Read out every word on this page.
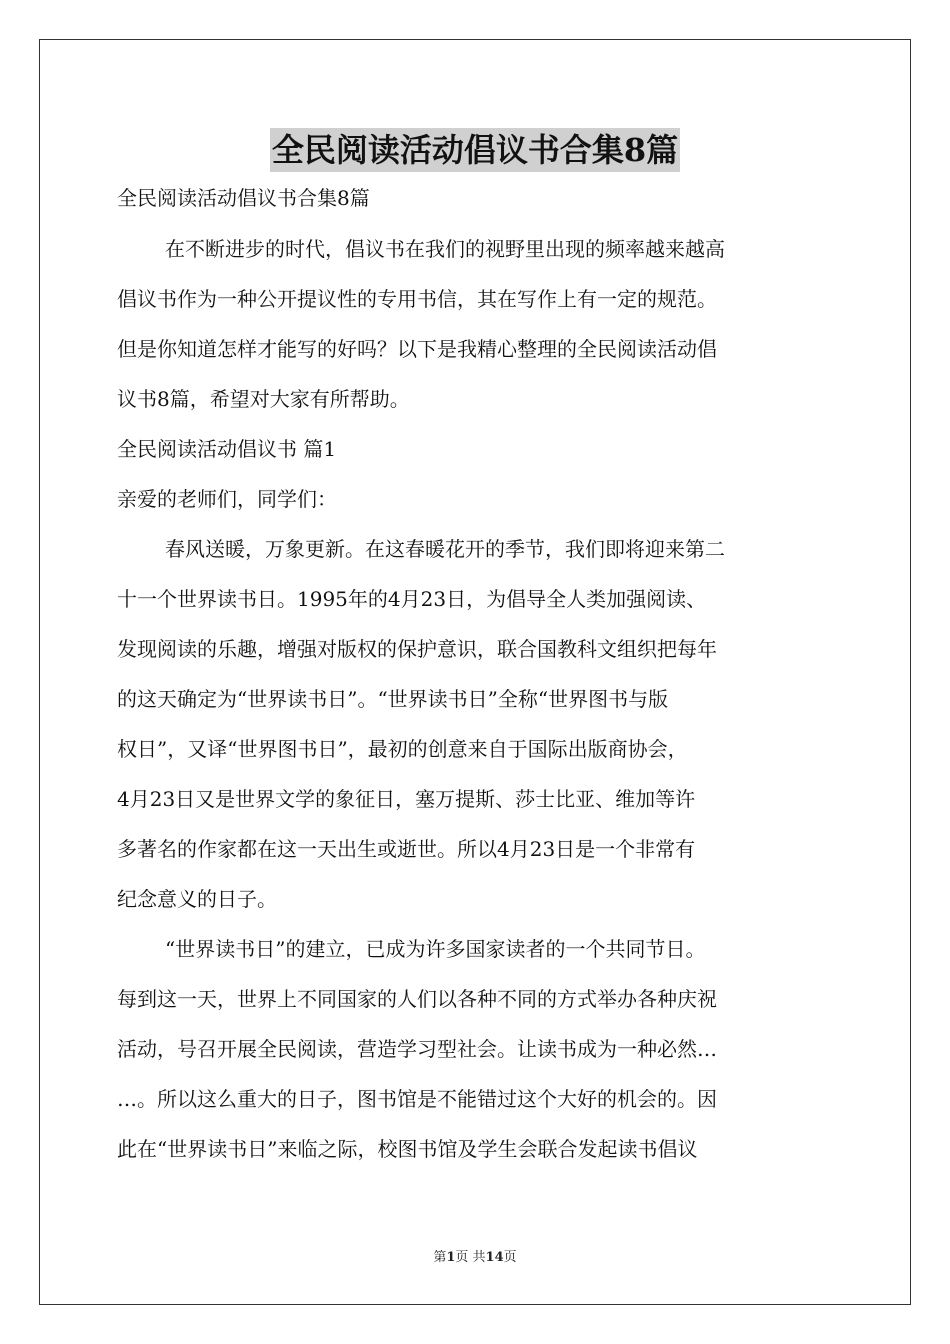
全民阅读活动倡议书合集8篇
全民阅读活动倡议书合集8篇
在不断进步的时代，倡议书在我们的视野里出现的频率越来越高
倡议书作为一种公开提议性的专用书信，其在写作上有一定的规范。
但是你知道怎样才能写的好吗？以下是我精心整理的全民阅读活动倡
议书8篇，希望对大家有所帮助。
全民阅读活动倡议书 篇1
亲爱的老师们，同学们：
春风送暖，万象更新。在这春暖花开的季节，我们即将迎来第二
十一个世界读书日。1995年的4月23日，为倡导全人类加强阅读、
发现阅读的乐趣，增强对版权的保护意识，联合国教科文组织把每年
的这天确定为“世界读书日”。“世界读书日”全称“世界图书与版
权日”，又译“世界图书日”，最初的创意来自于国际出版商协会，
4月23日又是世界文学的象征日，塞万提斯、莎士比亚、维加等许
多著名的作家都在这一天出生或逝世。所以4月23日是一个非常有
纪念意义的日子。
“世界读书日”的建立，已成为许多国家读者的一个共同节日。
每到这一天，世界上不同国家的人们以各种不同的方式举办各种庆祝
活动，号召开展全民阅读，营造学习型社会。让读书成为一种必然…
…。所以这么重大的日子，图书馆是不能错过这个大好的机会的。因
此在“世界读书日”来临之际，校图书馆及学生会联合发起读书倡议
第1页 共14页
